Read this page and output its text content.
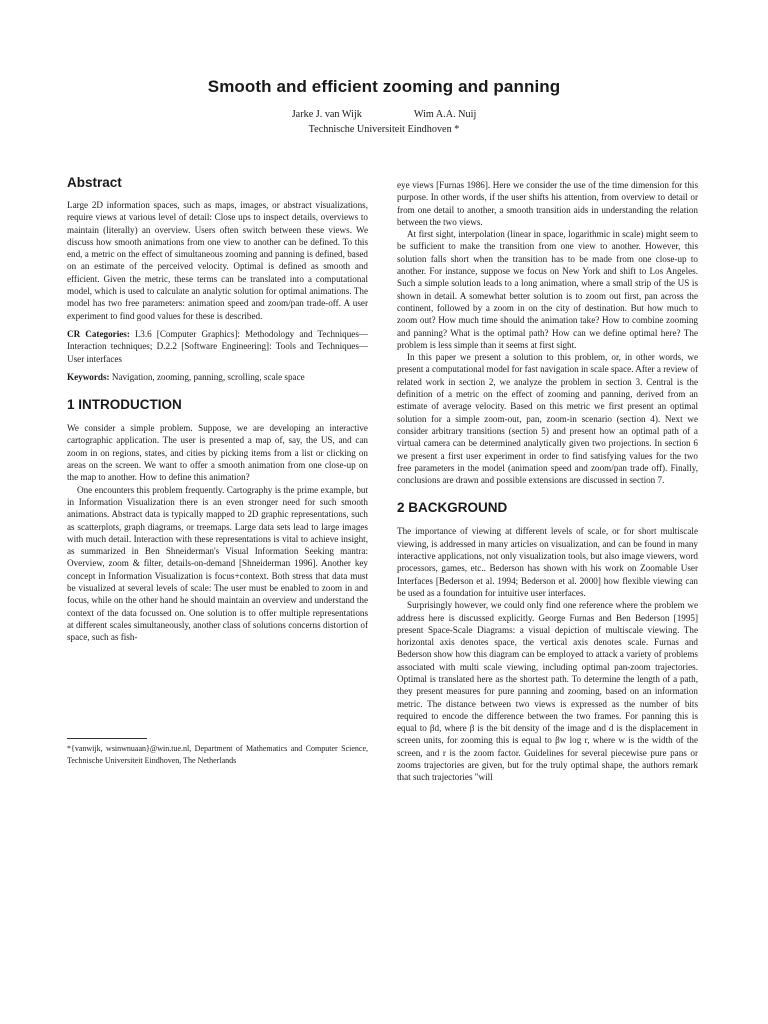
Smooth and efficient zooming and panning
Jarke J. van Wijk	Wim A.A. Nuij
Technische Universiteit Eindhoven *
Abstract

Large 2D information spaces, such as maps, images, or abstract visualizations, require views at various level of detail: Close ups to inspect details, overviews to maintain (literally) an overview. Users often switch between these views. We discuss how smooth animations from one view to another can be defined. To this end, a metric on the effect of simultaneous zooming and panning is defined, based on an estimate of the perceived velocity. Optimal is defined as smooth and efficient. Given the metric, these terms can be translated into a computational model, which is used to calculate an analytic solution for optimal animations. The model has two free parameters: animation speed and zoom/pan trade-off. A user experiment to find good values for these is described.

CR Categories: I.3.6 [Computer Graphics]: Methodology and Techniques—Interaction techniques; D.2.2 [Software Engineering]: Tools and Techniques—User interfaces

Keywords: Navigation, zooming, panning, scrolling, scale space

1 INTRODUCTION

We consider a simple problem. Suppose, we are developing an interactive cartographic application. The user is presented a map of, say, the US, and can zoom in on regions, states, and cities by picking items from a list or clicking on areas on the screen. We want to offer a smooth animation from one close-up on the map to another. How to define this animation?

One encounters this problem frequently. Cartography is the prime example, but in Information Visualization there is an even stronger need for such smooth animations. Abstract data is typically mapped to 2D graphic representations, such as scatterplots, graph diagrams, or treemaps. Large data sets lead to large images with much detail. Interaction with these representations is vital to achieve insight, as summarized in Ben Shneiderman's Visual Information Seeking mantra: Overview, zoom & filter, details-on-demand [Shneiderman 1996]. Another key concept in Information Visualization is focus+context. Both stress that data must be visualized at several levels of scale: The user must be enabled to zoom in and focus, while on the other hand he should maintain an overview and understand the context of the data focussed on. One solution is to offer multiple representations at different scales simultaneously, another class of solutions concerns distortion of space, such as fish-

*{vanwijk, wsinwnuaan}@win.tue.nl, Department of Mathematics and Computer Science, Technische Universiteit Eindhoven, The Netherlands

eye views [Furnas 1986]. Here we consider the use of the time dimension for this purpose. In other words, if the user shifts his attention, from overview to detail or from one detail to another, a smooth transition aids in understanding the relation between the two views.

At first sight, interpolation (linear in space, logarithmic in scale) might seem to be sufficient to make the transition from one view to another. However, this solution falls short when the transition has to be made from one close-up to another. For instance, suppose we focus on New York and shift to Los Angeles. Such a simple solution leads to a long animation, where a small strip of the US is shown in detail. A somewhat better solution is to zoom out first, pan across the continent, followed by a zoom in on the city of destination. But how much to zoom out? How much time should the animation take? How to combine zooming and panning? What is the optimal path? How can we define optimal here? The problem is less simple than it seems at first sight.

In this paper we present a solution to this problem, or, in other words, we present a computational model for fast navigation in scale space. After a review of related work in section 2, we analyze the problem in section 3. Central is the definition of a metric on the effect of zooming and panning, derived from an estimate of average velocity. Based on this metric we first present an optimal solution for a simple zoom-out, pan, zoom-in scenario (section 4). Next we consider arbitrary transitions (section 5) and present how an optimal path of a virtual camera can be determined analytically given two projections. In section 6 we present a first user experiment in order to find satisfying values for the two free parameters in the model (animation speed and zoom/pan trade off). Finally, conclusions are drawn and possible extensions are discussed in section 7.

2 BACKGROUND

The importance of viewing at different levels of scale, or for short multiscale viewing, is addressed in many articles on visualization, and can be found in many interactive applications, not only visualization tools, but also image viewers, word processors, games, etc.. Bederson has shown with his work on Zoomable User Interfaces [Bederson et al. 1994; Bederson et al. 2000] how flexible viewing can be used as a foundation for intuitive user interfaces.

Surprisingly however, we could only find one reference where the problem we address here is discussed explicitly. George Furnas and Ben Bederson [1995] present Space-Scale Diagrams: a visual depiction of multiscale viewing. The horizontal axis denotes space, the vertical axis denotes scale. Furnas and Bederson show how this diagram can be employed to attack a variety of problems associated with multi scale viewing, including optimal pan-zoom trajectories. Optimal is translated here as the shortest path. To determine the length of a path, they present measures for pure panning and zooming, based on an information metric. The distance between two views is expressed as the number of bits required to encode the difference between the two frames. For panning this is equal to βd, where β is the bit density of the image and d is the displacement in screen units, for zooming this is equal to βw log r, where w is the width of the screen, and r is the zoom factor. Guidelines for several piecewise pure pans or zooms trajectories are given, but for the truly optimal shape, the authors remark that such trajectories "will
